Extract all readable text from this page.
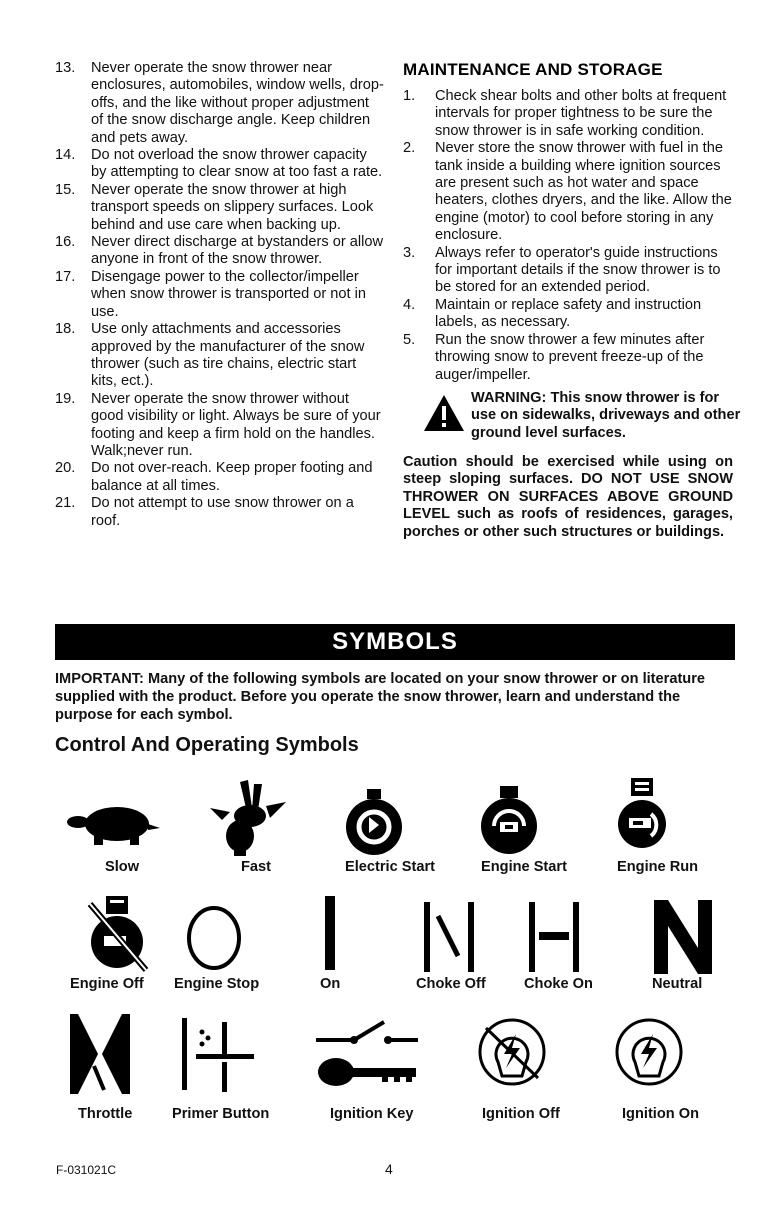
13. Never operate the snow thrower near enclosures, automobiles, window wells, drop-offs, and the like without proper adjustment of the snow discharge angle. Keep children and pets away.
14. Do not overload the snow thrower capacity by attempting to clear snow at too fast a rate.
15. Never operate the snow thrower at high transport speeds on slippery surfaces. Look behind and use care when backing up.
16. Never direct discharge at bystanders or allow anyone in front of the snow thrower.
17. Disengage power to the collector/impeller when snow thrower is transported or not in use.
18. Use only attachments and accessories approved by the manufacturer of the snow thrower (such as tire chains, electric start kits, ect.).
19. Never operate the snow thrower without good visibility or light. Always be sure of your footing and keep a firm hold on the handles. Walk;never run.
20. Do not over-reach. Keep proper footing and balance at all times.
21. Do not attempt to use snow thrower on a roof.
MAINTENANCE AND STORAGE
1. Check shear bolts and other bolts at frequent intervals for proper tightness to be sure the snow thrower is in safe working condition.
2. Never store the snow thrower with fuel in the tank inside a building where ignition sources are present such as hot water and space heaters, clothes dryers, and the like. Allow the engine (motor) to cool before storing in any enclosure.
3. Always refer to operator's guide instructions for important details if the snow thrower is to be stored for an extended period.
4. Maintain or replace safety and instruction labels, as necessary.
5. Run the snow thrower a few minutes after throwing snow to prevent freeze-up of the auger/impeller.
WARNING: This snow thrower is for use on sidewalks, driveways and other ground level surfaces.
Caution should be exercised while using on steep sloping surfaces. DO NOT USE SNOW THROWER ON SURFACES ABOVE GROUND LEVEL such as roofs of residences, garages, porches or other such structures or buildings.
SYMBOLS
IMPORTANT: Many of the following symbols are located on your snow thrower or on literature supplied with the product. Before you operate the snow thrower, learn and understand the purpose for each symbol.
Control And Operating Symbols
Slow	Fast	Electric Start	Engine Start	Engine Run
Engine Off Engine Stop	On	Choke Off	Choke On	Neutral
Throttle	Primer Button	Ignition Key	Ignition Off	Ignition On
F-031021C	4
